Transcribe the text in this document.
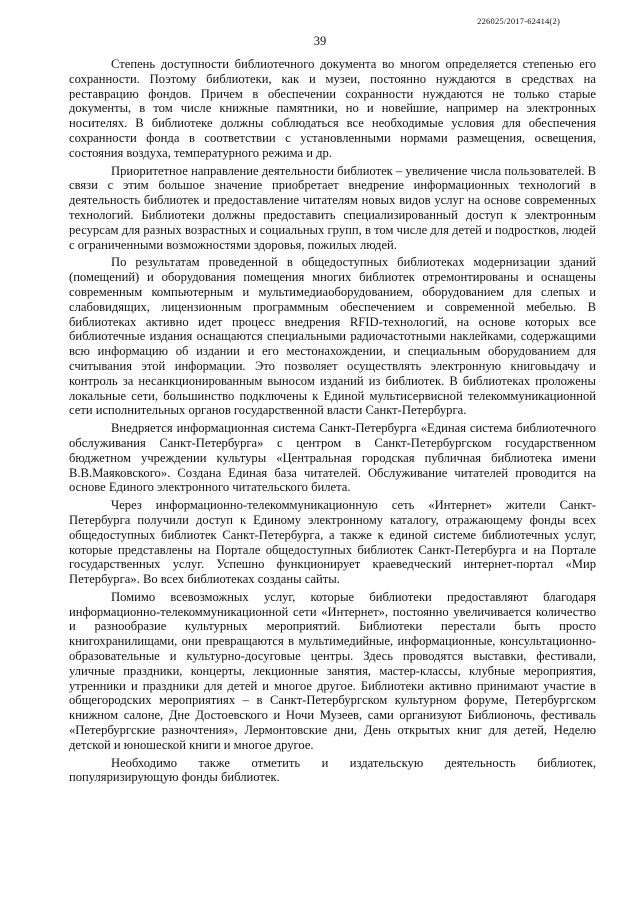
226025/2017-62414(2)
39

Степень доступности библиотечного документа во многом определяется степенью его сохранности. Поэтому библиотеки, как и музеи, постоянно нуждаются в средствах на реставрацию фондов. Причем в обеспечении сохранности нуждаются не только старые документы, в том числе книжные памятники, но и новейшие, например на электронных носителях. В библиотеке должны соблюдаться все необходимые условия для обеспечения сохранности фонда в соответствии с установленными нормами размещения, освещения, состояния воздуха, температурного режима и др.

Приоритетное направление деятельности библиотек – увеличение числа пользователей. В связи с этим большое значение приобретает внедрение информационных технологий в деятельность библиотек и предоставление читателям новых видов услуг на основе современных технологий. Библиотеки должны предоставить специализированный доступ к электронным ресурсам для разных возрастных и социальных групп, в том числе для детей и подростков, людей с ограниченными возможностями здоровья, пожилых людей.

По результатам проведенной в общедоступных библиотеках модернизации зданий (помещений) и оборудования помещения многих библиотек отремонтированы и оснащены современным компьютерным и мультимедиаоборудованием, оборудованием для слепых и слабовидящих, лицензионным программным обеспечением и современной мебелью. В библиотеках активно идет процесс внедрения RFID-технологий, на основе которых все библиотечные издания оснащаются специальными радиочастотными наклейками, содержащими всю информацию об издании и его местонахождении, и специальным оборудованием для считывания этой информации. Это позволяет осуществлять электронную книговыдачу и контроль за несанкционированным выносом изданий из библиотек. В библиотеках проложены локальные сети, большинство подключены к Единой мультисервисной телекоммуникационной сети исполнительных органов государственной власти Санкт-Петербурга.

Внедряется информационная система Санкт-Петербурга «Единая система библиотечного обслуживания Санкт-Петербурга» с центром в Санкт-Петербургском государственном бюджетном учреждении культуры «Центральная городская публичная библиотека имени В.В.Маяковского». Создана Единая база читателей. Обслуживание читателей проводится на основе Единого электронного читательского билета.

Через информационно-телекоммуникационную сеть «Интернет» жители Санкт-Петербурга получили доступ к Единому электронному каталогу, отражающему фонды всех общедоступных библиотек Санкт-Петербурга, а также к единой системе библиотечных услуг, которые представлены на Портале общедоступных библиотек Санкт-Петербурга и на Портале государственных услуг. Успешно функционирует краеведческий интернет-портал «Мир Петербурга». Во всех библиотеках созданы сайты.

Помимо всевозможных услуг, которые библиотеки предоставляют благодаря информационно-телекоммуникационной сети «Интернет», постоянно увеличивается количество и разнообразие культурных мероприятий. Библиотеки перестали быть просто книгохранилищами, они превращаются в мультимедийные, информационные, консультационно-образовательные и культурно-досуговые центры. Здесь проводятся выставки, фестивали, уличные праздники, концерты, лекционные занятия, мастер-классы, клубные мероприятия, утренники и праздники для детей и многое другое. Библиотеки активно принимают участие в общегородских мероприятиях – в Санкт-Петербургском культурном форуме, Петербургском книжном салоне, Дне Достоевского и Ночи Музеев, сами организуют Библионочь, фестиваль «Петербургские разночтения», Лермонтовские дни, День открытых книг для детей, Неделю детской и юношеской книги и многое другое.

Необходимо также отметить и издательскую деятельность библиотек, популяризирующую фонды библиотек.
